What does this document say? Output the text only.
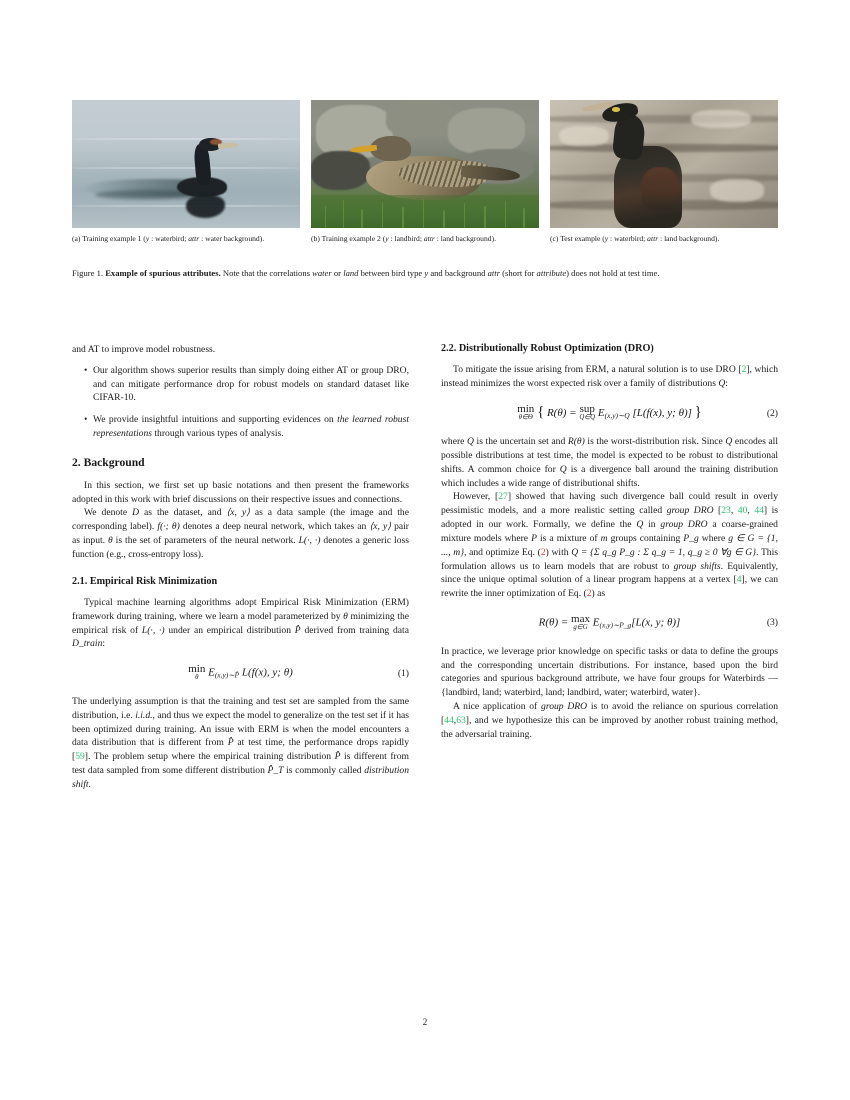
(a) Training example 1 (y : waterbird; attr : water background).	(b) Training example 2 (y : landbird; attr : land background).	(c) Test example (y : waterbird; attr : land background).
Figure 1. Example of spurious attributes. Note that the correlations water or land between bird type y and background attr (short for attribute) does not hold at test time.

and AT to improve model robustness.

• Our algorithm shows superior results than simply doing either AT or group DRO, and can mitigate performance drop for robust models on standard dataset like CIFAR-10.
• We provide insightful intuitions and supporting evidences on the learned robust representations through various types of analysis.
2. Background

In this section, we first set up basic notations and then present the frameworks adopted in this work with brief discussions on their respective issues and connections.

We denote D as the dataset, and ⟨x, y⟩ as a data sample (the image and the corresponding label). f(·; θ) denotes a deep neural network, which takes an ⟨x, y⟩ pair as input. θ is the set of parameters of the neural network. L(·, ·) denotes a generic loss function (e.g., cross-entropy loss).

2.1. Empirical Risk Minimization

Typical machine learning algorithms adopt Empirical Risk Minimization (ERM) framework during training, where we learn a model parameterized by θ minimizing the empirical risk of L(·, ·) under an empirical distribution P̂ derived from training data D_train:

min
θ $E_{(x,y)\sim P̂}$ L(f(x), y; θ)	(1)

The underlying assumption is that the training and test set are sampled from the same distribution, i.e. i.i.d., and thus we expect the model to generalize on the test set if it has been optimized during training. An issue with ERM is when the model encounters a data distribution that is different from P̂ at test time, the performance drops rapidly [59]. The problem setup where the empirical training distribution P̂ is different from test data sampled from some different distribution P̂_T is commonly called distribution shift.

2.2. Distributionally Robust Optimization (DRO)

To mitigate the issue arising from ERM, a natural solution is to use DRO [2], which instead minimizes the worst expected risk over a family of distributions Q:

min
θ∈Θ { R(θ) = sup
Q∈Q $E_{(x,y)\sim Q}$ [L(f(x), y; θ)] }	(2)

where Q is the uncertain set and R(θ) is the worst-distribution risk. Since Q encodes all possible distributions at test time, the model is expected to be robust to distributional shifts. A common choice for Q is a divergence ball around the training distribution which includes a wide range of distributional shifts.

However, [27] showed that having such divergence ball could result in overly pessimistic models, and a more realistic setting called group DRO [23, 40, 44] is adopted in our work. Formally, we define the Q in group DRO a coarse-grained mixture models where P is a mixture of m groups containing P_g where g ∈ G = {1, ..., m}, and optimize Eq. (2) with Q = {Σ q_g P_g : Σ q_g = 1, q_g ≥ 0 ∀g ∈ G}. This formulation allows us to learn models that are robust to group shifts. Equivalently, since the unique optimal solution of a linear program happens at a vertex [4], we can rewrite the inner optimization of Eq. (2) as

R(θ) = max
g∈G $E_{(x,y)\sim P\_g}[L(x$, y; θ)]	(3)

In practice, we leverage prior knowledge on specific tasks or data to define the groups and the corresponding uncertain distributions. For instance, based upon the bird categories and spurious background attribute, we have four groups for Waterbirds — {landbird, land; waterbird, land; landbird, water; waterbird, water}.

A nice application of group DRO is to avoid the reliance on spurious correlation [44,63], and we hypothesize this can be improved by another robust training method, the adversarial training.

2
